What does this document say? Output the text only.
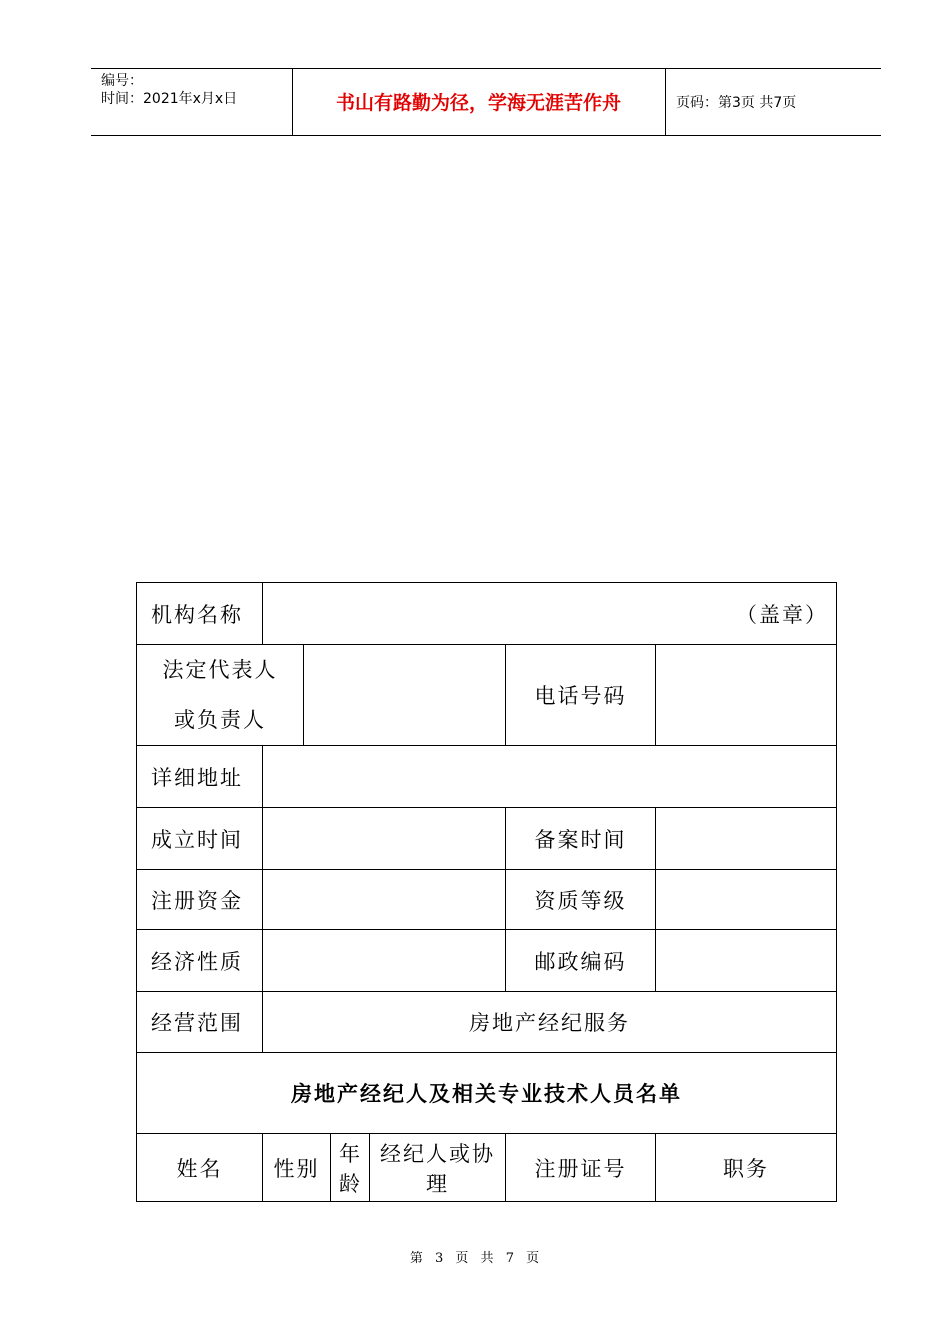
编号：
时间：2021年x月x日	书山有路勤为径，学海无涯苦作舟	页码：第3页 共7页
机构名称	（盖章）					

法定代表人
或负责人					电话号码	
详细地址						
成立时间					备案时间	
注册资金					资质等级	
经济性质					邮政编码	
经营范围	房地产经纪服务					
房地产经纪人及相关专业技术人员名单						
姓名	性别		年龄	经纪人或协理	注册证号	职务
第 3 页 共 7 页
